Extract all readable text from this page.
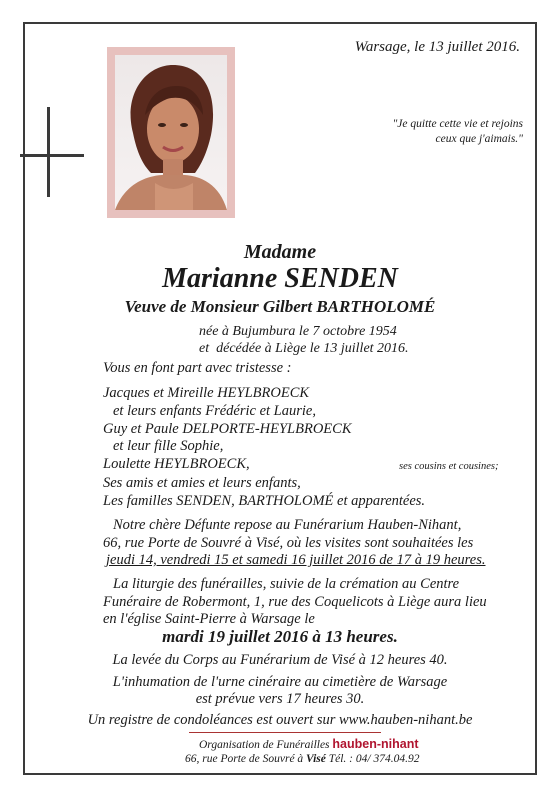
Warsage, le 13 juillet 2016.
"Je quitte cette vie et rejoins
ceux que j'aimais."
Madame
Marianne SENDEN
Veuve de Monsieur Gilbert BARTHOLOMÉ
née à Bujumbura le 7 octobre 1954
et  décédée à Liège le 13 juillet 2016.
Vous en font part avec tristesse :
Jacques et Mireille HEYLBROECK
et leurs enfants Frédéric et Laurie,
Guy et Paule DELPORTE-HEYLBROECK
et leur fille Sophie,
Loulette HEYLBROECK,	ses cousins et cousines;
Ses amis et amies et leurs enfants,
Les familles SENDEN, BARTHOLOMÉ et apparentées.
Notre chère Défunte repose au Funérarium Hauben-Nihant,
66, rue Porte de Souvré à Visé, où les visites sont souhaitées les
jeudi 14, vendredi 15 et samedi 16 juillet 2016 de 17 à 19 heures.
La liturgie des funérailles, suivie de la crémation au Centre
Funéraire de Robermont, 1, rue des Coquelicots à Liège aura lieu
en l'église Saint-Pierre à Warsage le
mardi 19 juillet 2016 à 13 heures.
La levée du Corps au Funérarium de Visé à 12 heures 40.
L'inhumation de l'urne cinéraire au cimetière de Warsage
est prévue vers 17 heures 30.
Un registre de condoléances est ouvert sur www.hauben-nihant.be
Organisation de Funérailles hauben-nihant
66, rue Porte de Souvré à Visé Tél. : 04/ 374.04.92
